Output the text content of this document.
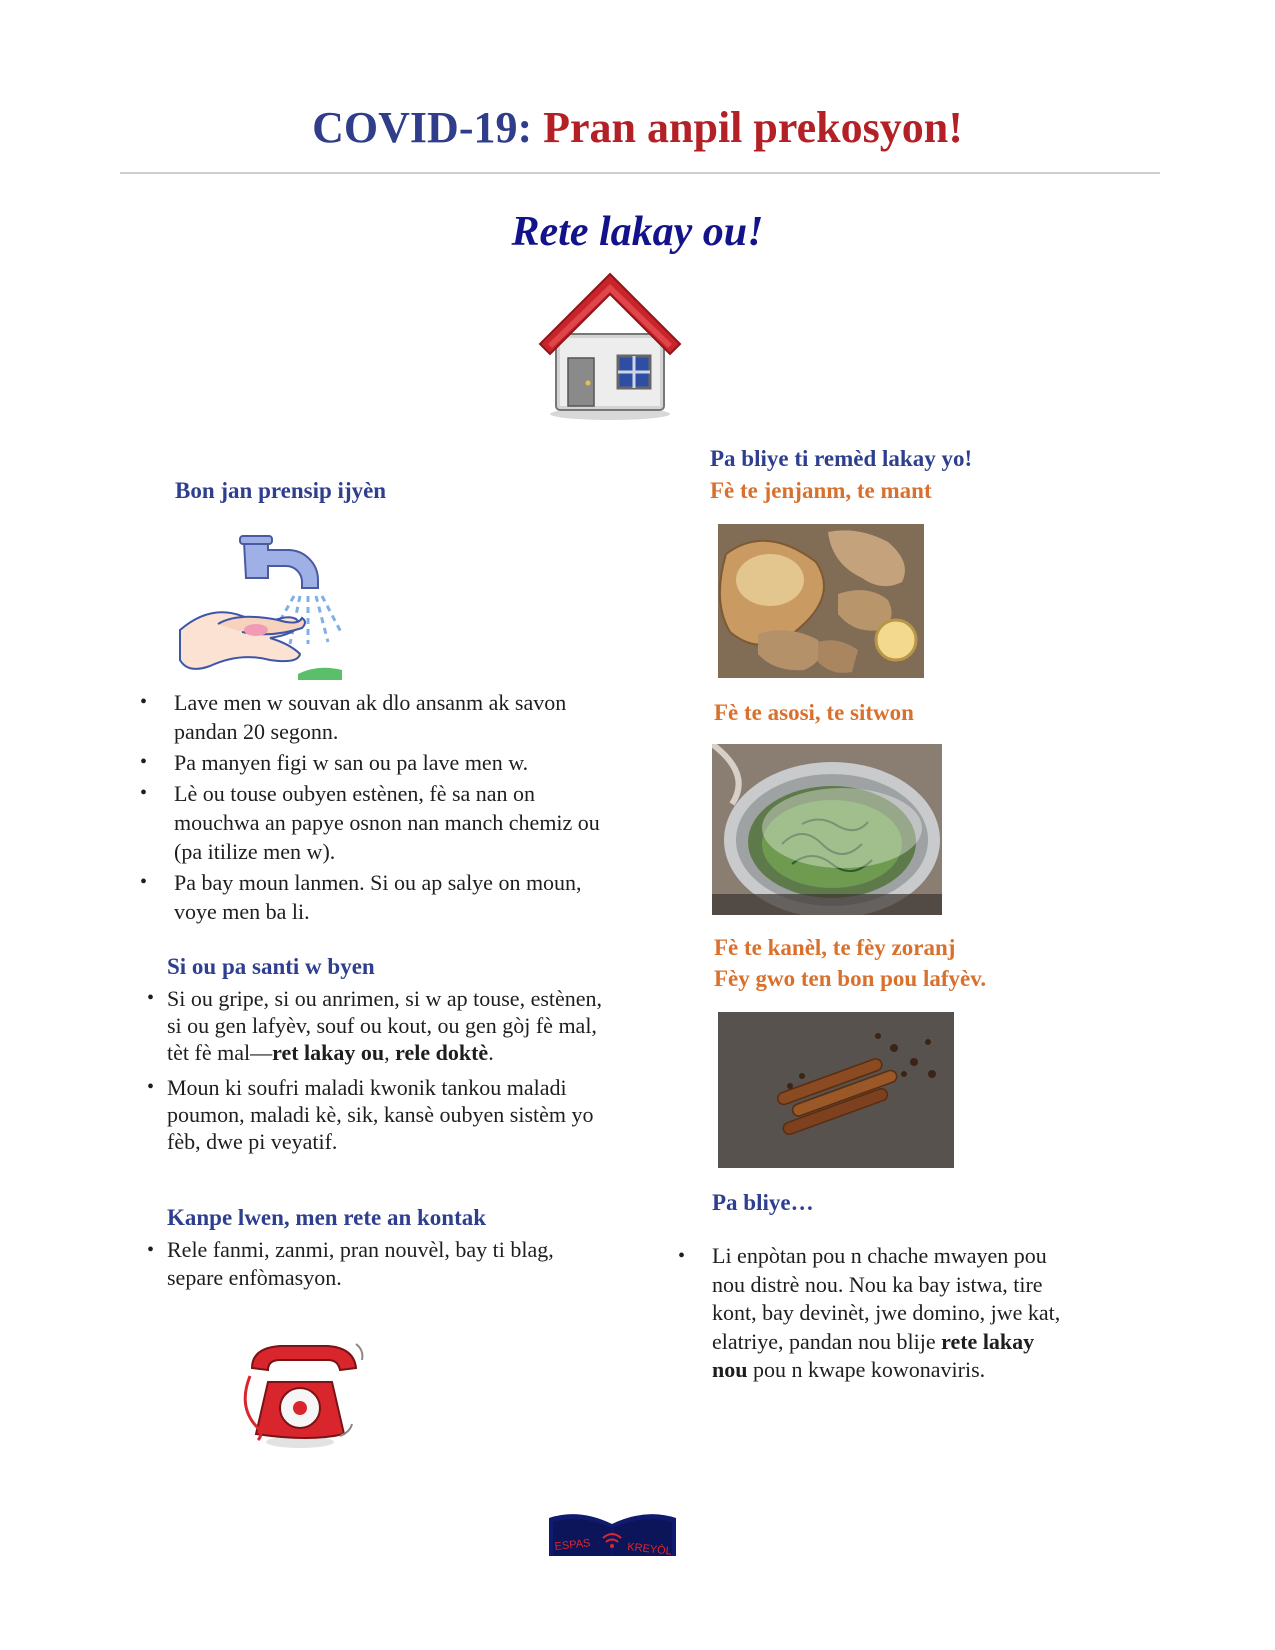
COVID-19: Pran anpil prekosyon!
Rete lakay ou!
Bon jan prensip ijyèn
• Lave men w souvan ak dlo ansanm ak savon pandan 20 segonn.
• Pa manyen figi w san ou pa lave men w.
• Lè ou touse oubyen estènen, fè sa nan on mouchwa an papye osnon nan manch chemiz ou (pa itilize men w).
• Pa bay moun lanmen. Si ou ap salye on moun, voye men ba li.
Si ou pa santi w byen
• Si ou gripe, si ou anrimen, si w ap touse, estènen, si ou gen lafyèv, souf ou kout, ou gen gòj fè mal, tèt fè mal—ret lakay ou, rele doktè.
• Moun ki soufri maladi kwonik tankou maladi poumon, maladi kè, sik, kansè oubyen sistèm yo fèb, dwe pi veyatif.
Kanpe lwen, men rete an kontak
• Rele fanmi, zanmi, pran nouvèl, bay ti blag, separe enfòmasyon.
Pa bliye ti remèd lakay yo!
Fè te jenjanm, te mant
Fè te asosi, te sitwon
Fè te kanèl, te fèy zoranj
Fèy gwo ten bon pou lafyèv.
Pa bliye…
• Li enpòtan pou n chache mwayen pou nou distrè nou. Nou ka bay istwa, tire kont, bay devinèt, jwe domino, jwe kat, elatriye, pandan nou blije rete lakay nou pou n kwape kowonaviris.
ESPAS	KREYÒL
